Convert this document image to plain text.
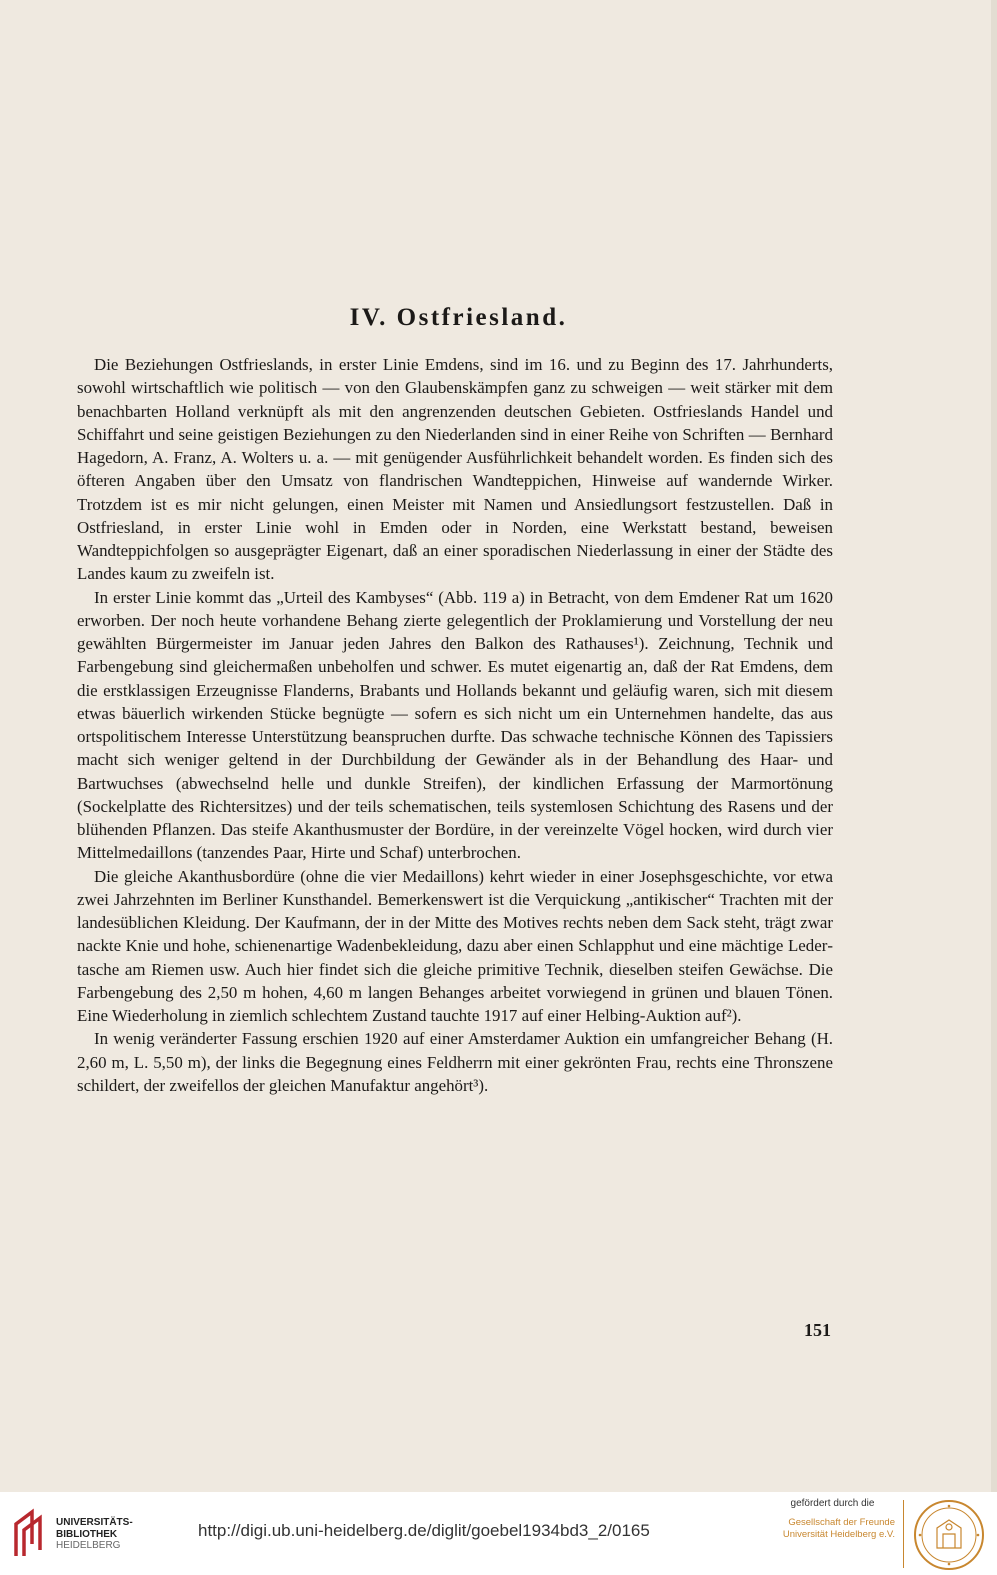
IV. Ostfriesland.

Die Beziehungen Ostfrieslands, in erster Linie Emdens, sind im 16. und zu Beginn des 17. Jahrhunderts, sowohl wirtschaftlich wie politisch — von den Glaubenskämpfen ganz zu schweigen — weit stärker mit dem benachbarten Holland verknüpft als mit den angrenzenden deutschen Gebieten. Ostfrieslands Handel und Schiffahrt und seine geistigen Beziehungen zu den Niederlanden sind in einer Reihe von Schriften — Bernhard Hagedorn, A. Franz, A. Wolters u. a. — mit genügender Ausführlichkeit behandelt worden. Es finden sich des öfteren Angaben über den Umsatz von flandrischen Wandteppichen, Hinweise auf wandernde Wirker. Trotzdem ist es mir nicht gelungen, einen Meister mit Namen und Ansiedlungsort festzustellen. Daß in Ostfriesland, in erster Linie wohl in Emden oder in Norden, eine Werkstatt bestand, beweisen Wandteppichfolgen so ausgeprägter Eigenart, daß an einer sporadischen Niederlassung in einer der Städte des Landes kaum zu zweifeln ist.

In erster Linie kommt das „Urteil des Kambyses“ (Abb. 119 a) in Betracht, von dem Emdener Rat um 1620 erworben. Der noch heute vorhandene Behang zierte gelegentlich der Proklamierung und Vorstellung der neu gewählten Bürgermeister im Januar jeden Jahres den Balkon des Rathauses¹). Zeichnung, Technik und Farbengebung sind gleichermaßen unbeholfen und schwer. Es mutet eigenartig an, daß der Rat Emdens, dem die erstklassigen Erzeugnisse Flanderns, Brabants und Hollands bekannt und geläufig waren, sich mit diesem etwas bäuerlich wirkenden Stücke begnügte — sofern es sich nicht um ein Unternehmen handelte, das aus ortspolitischem Interesse Unterstützung beanspruchen durfte. Das schwache technische Können des Tapissiers macht sich weniger geltend in der Durchbildung der Gewänder als in der Behandlung des Haar- und Bartwuchses (abwechselnd helle und dunkle Streifen), der kindlichen Erfassung der Marmortönung (Sockelplatte des Richtersitzes) und der teils schematischen, teils systemlosen Schichtung des Rasens und der blühenden Pflanzen. Das steife Akanthusmuster der Bordüre, in der vereinzelte Vögel hocken, wird durch vier Mittelmedaillons (tanzendes Paar, Hirte und Schaf) unterbrochen.

Die gleiche Akanthusbordüre (ohne die vier Medaillons) kehrt wieder in einer Josephsgeschichte, vor etwa zwei Jahrzehnten im Berliner Kunsthandel. Bemerkenswert ist die Verquickung „antikischer“ Trachten mit der landesüblichen Kleidung. Der Kaufmann, der in der Mitte des Motives rechts neben dem Sack steht, trägt zwar nackte Knie und hohe, schienenartige Wadenbekleidung, dazu aber einen Schlapphut und eine mächtige Ledertasche am Riemen usw. Auch hier findet sich die gleiche primitive Technik, dieselben steifen Gewächse. Die Farbengebung des 2,50 m hohen, 4,60 m langen Behanges arbeitet vorwiegend in grünen und blauen Tönen. Eine Wiederholung in ziemlich schlechtem Zustand tauchte 1917 auf einer Helbing-Auktion auf²).

In wenig veränderter Fassung erschien 1920 auf einer Amsterdamer Auktion ein umfangreicher Behang (H. 2,60 m, L. 5,50 m), der links die Begegnung eines Feldherrn mit einer gekrönten Frau, rechts eine Thronszene schildert, der zweifellos der gleichen Manufaktur angehört³).

151

UNIVERSITÄTS-
BIBLIOTHEK
HEIDELBERG
http://digi.ub.uni-heidelberg.de/diglit/goebel1934bd3_2/0165
gefördert durch die
Gesellschaft der Freunde
Universität Heidelberg e.V.
